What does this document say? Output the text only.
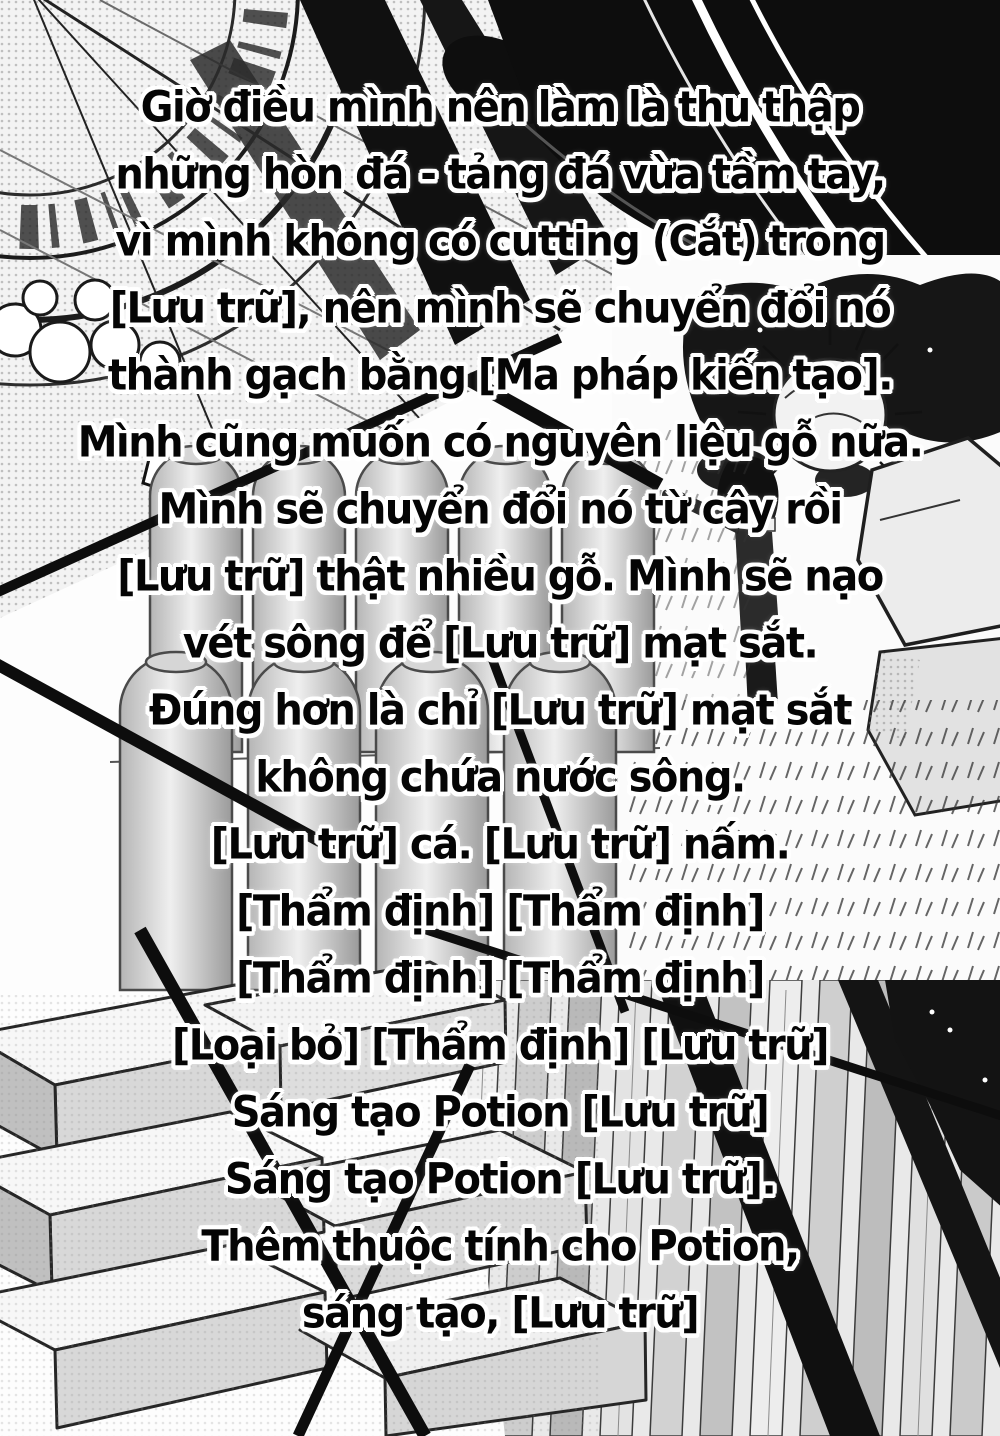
Giờ điều mình nên làm là thu thập
những hòn đá - tảng đá vừa tầm tay,
vì mình không có cutting (Cắt) trong
[Lưu trữ], nên mình sẽ chuyển đổi nó
thành gạch bằng [Ma pháp kiến tạo].
Mình cũng muốn có nguyên liệu gỗ nữa.
Mình sẽ chuyển đổi nó từ cây rồi
[Lưu trữ] thật nhiều gỗ. Mình sẽ nạo
vét sông để [Lưu trữ] mạt sắt.
Đúng hơn là chỉ [Lưu trữ] mạt sắt
không chứa nước sông.
[Lưu trữ] cá. [Lưu trữ] nấm.
[Thẩm định] [Thẩm định]
[Thẩm định] [Thẩm định]
[Loại bỏ] [Thẩm định] [Lưu trữ]
Sáng tạo Potion [Lưu trữ]
Sáng tạo Potion [Lưu trữ].
Thêm thuộc tính cho Potion,
sáng tạo, [Lưu trữ]
